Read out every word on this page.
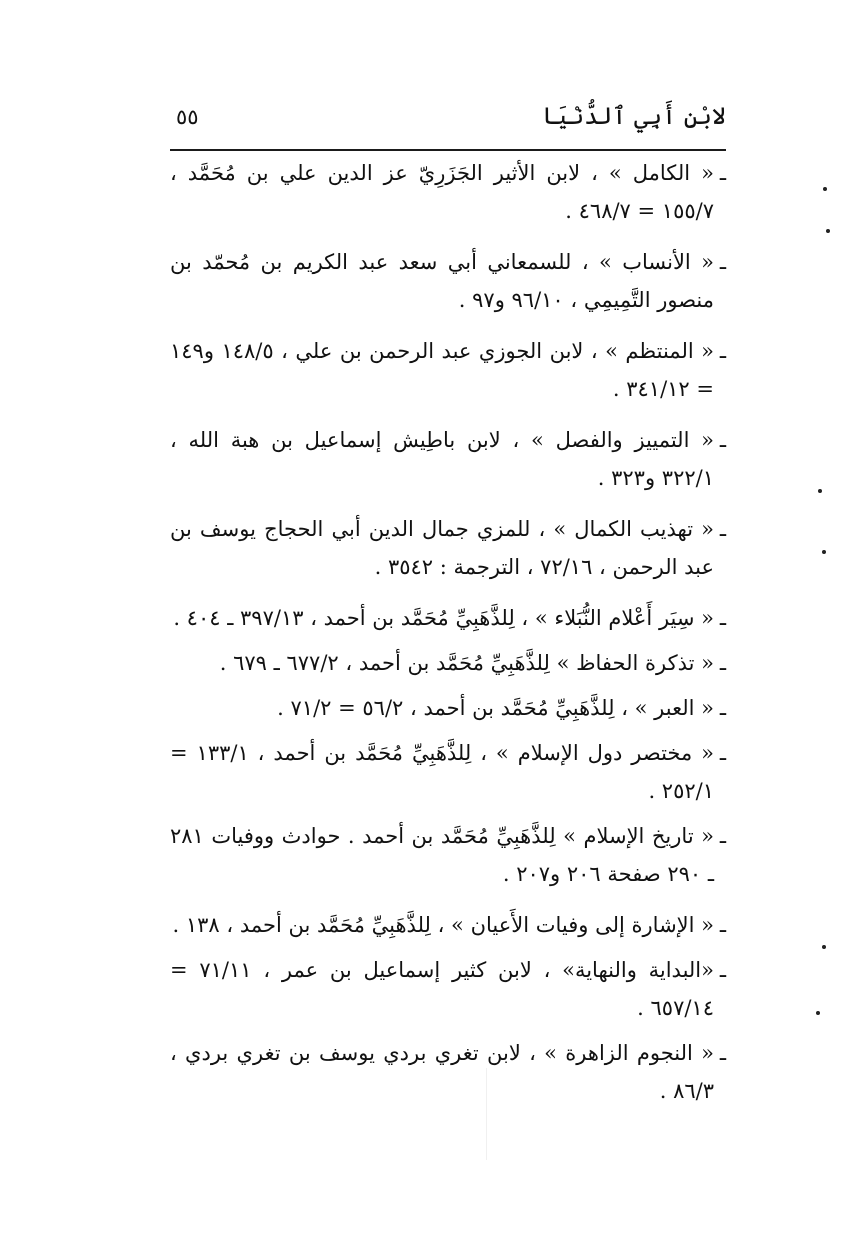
لابْنِ أَبِي ٱلدُّنْيَا
٥٥
ـ
« الكامل » ، لابن الأثير الجَزَرِيّ عز الدين علي بن مُحَمَّد ، ١٥٥/٧ = ٤٦٨/٧ .
ـ
« الأنساب » ، للسمعاني أبي سعد عبد الكريم بن مُحمّد بن منصور التَّمِيمِي ، ٩٦/١٠ و٩٧ .
ـ
« المنتظم » ، لابن الجوزي عبد الرحمن بن علي ، ١٤٨/٥ و١٤٩ = ٣٤١/١٢ .
ـ
« التمييز والفصل » ، لابن باطِيش إسماعيل بن هبة الله ، ٣٢٢/١ و٣٢٣ .
ـ
« تهذيب الكمال » ، للمزي جمال الدين أبي الحجاج يوسف بن عبد الرحمن ، ٧٢/١٦ ، الترجمة : ٣٥٤٢ .
ـ
« سِيَر أَعْلام النُّبَلاء » ، لِلذَّهَبِيِّ مُحَمَّد بن أحمد ، ٣٩٧/١٣ ـ ٤٠٤ .
ـ
« تذكرة الحفاظ » لِلذَّهَبِيِّ مُحَمَّد بن أحمد ، ٦٧٧/٢ ـ ٦٧٩ .
ـ
« العبر » ، لِلذَّهَبِيِّ مُحَمَّد بن أحمد ، ٥٦/٢ = ٧١/٢ .
ـ
« مختصر دول الإسلام » ، لِلذَّهَبِيِّ مُحَمَّد بن أحمد ، ١٣٣/١ = ٢٥٢/١ .
ـ
« تاريخ الإسلام » لِلذَّهَبِيِّ مُحَمَّد بن أحمد . حوادث ووفيات ٢٨١ ـ ٢٩٠ صفحة ٢٠٦ و٢٠٧ .
ـ
« الإشارة إلى وفيات الأَعيان » ، لِلذَّهَبِيِّ مُحَمَّد بن أحمد ، ١٣٨ .
ـ
«البداية والنهاية» ، لابن كثير إسماعيل بن عمر ، ٧١/١١ = ٦٥٧/١٤ .
ـ
« النجوم الزاهرة » ، لابن تغري بردي يوسف بن تغري بردي ، ٨٦/٣ .
